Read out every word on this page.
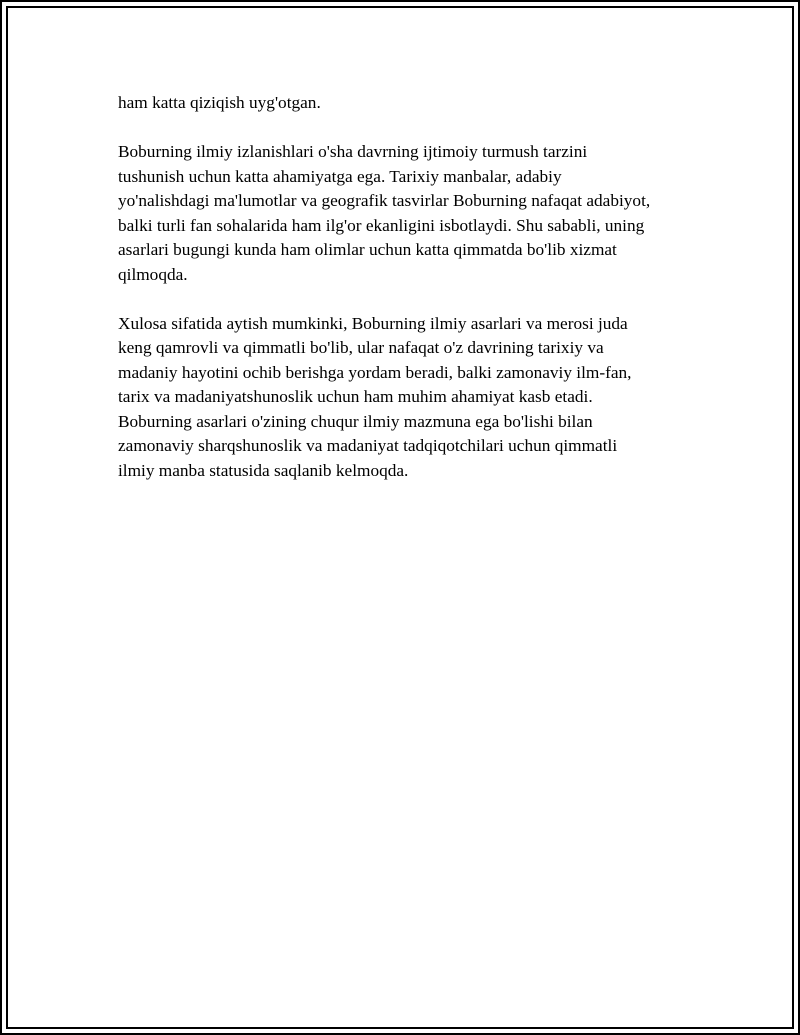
ham katta qiziqish uyg'otgan.

Boburning ilmiy izlanishlari o'sha davrning ijtimoiy turmush tarzini
tushunish uchun katta ahamiyatga ega. Tarixiy manbalar, adabiy
yo'nalishdagi ma'lumotlar va geografik tasvirlar Boburning nafaqat adabiyot,
balki turli fan sohalarida ham ilg'or ekanligini isbotlaydi. Shu sababli, uning
asarlari bugungi kunda ham olimlar uchun katta qimmatda bo'lib xizmat
qilmoqda.

Xulosa sifatida aytish mumkinki, Boburning ilmiy asarlari va merosi juda
keng qamrovli va qimmatli bo'lib, ular nafaqat o'z davrining tarixiy va
madaniy hayotini ochib berishga yordam beradi, balki zamonaviy ilm-fan,
tarix va madaniyatshunoslik uchun ham muhim ahamiyat kasb etadi.
Boburning asarlari o'zining chuqur ilmiy mazmuna ega bo'lishi bilan
zamonaviy sharqshunoslik va madaniyat tadqiqotchilari uchun qimmatli
ilmiy manba statusida saqlanib kelmoqda.
